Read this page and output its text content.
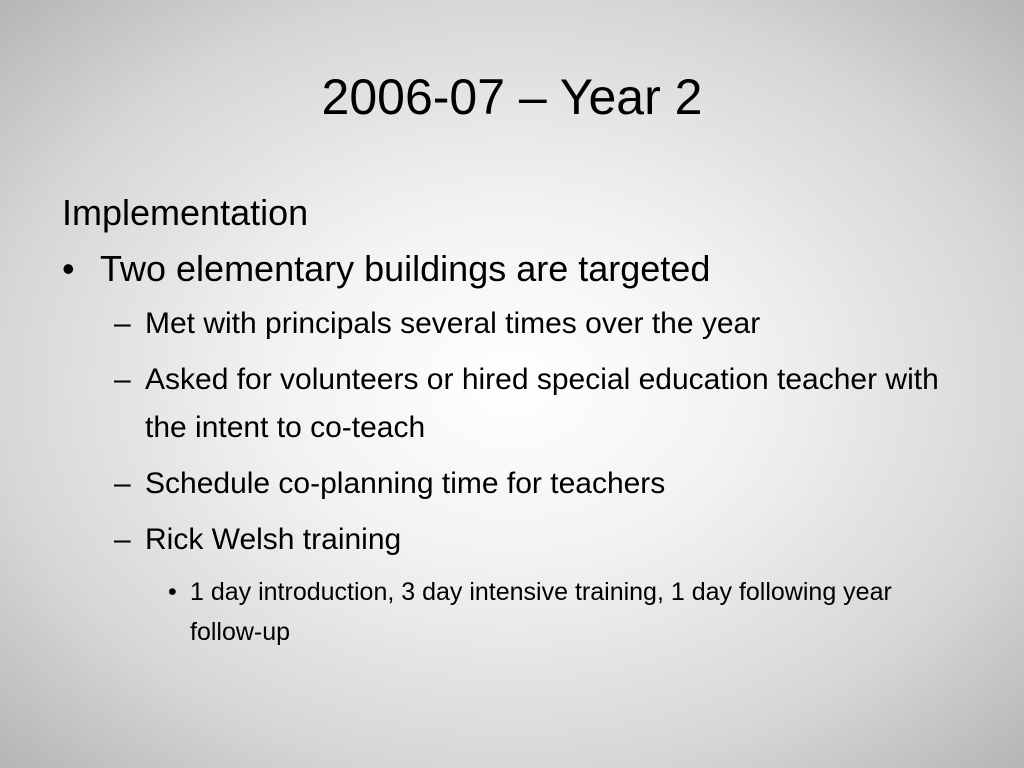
2006-07 – Year 2
Implementation
• Two elementary buildings are targeted
– Met with principals several times over the year
– Asked for volunteers or hired special education teacher with the intent to co-teach
– Schedule co-planning time for teachers
– Rick Welsh training
• 1 day introduction, 3 day intensive training, 1 day following year follow-up
